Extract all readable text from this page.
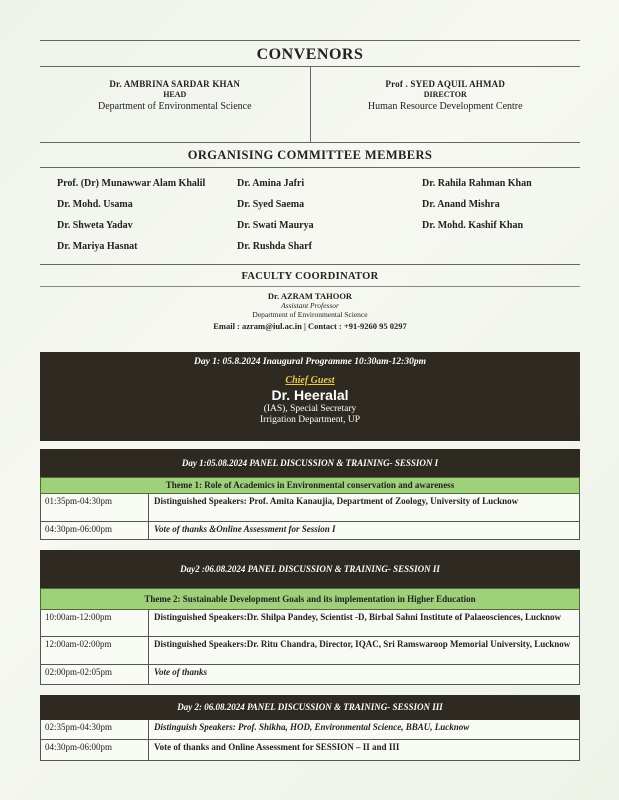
CONVENORS
Dr. AMBRINA SARDAR KHAN
HEAD
Department of Environmental Science
Prof . SYED AQUIL AHMAD
DIRECTOR
Human Resource Development Centre
ORGANISING COMMITTEE MEMBERS
Prof. (Dr) Munawwar Alam Khalil	Dr. Amina Jafri	Dr. Rahila Rahman Khan
Dr. Mohd. Usama	Dr. Syed Saema	Dr. Anand Mishra
Dr. Shweta Yadav	Dr. Swati Maurya	Dr. Mohd. Kashif Khan
Dr. Mariya Hasnat	Dr. Rushda Sharf
FACULTY COORDINATOR
Dr. AZRAM TAHOOR
Assistant Professor
Department of Environmental Science
Email : azram@iul.ac.in | Contact : +91-9260 95 0297
Day 1: 05.8.2024 Inaugural Programme 10:30am-12:30pm
Chief Guest
Dr. Heeralal
(IAS), Special Secretary
Irrigation Department, UP
Day 1:05.08.2024 PANEL DISCUSSION & TRAINING- SESSION I
Theme 1: Role of Academics in Environmental conservation and awareness
01:35pm-04:30pm	Distinguished Speakers: Prof. Amita Kanaujia, Department of Zoology, University of Lucknow
04:30pm-06:00pm	Vote of thanks &Online Assessment for Session I
Day2 :06.08.2024 PANEL DISCUSSION & TRAINING- SESSION II
Theme 2: Sustainable Development Goals and its implementation in Higher Education
10:00am-12:00pm	Distinguished Speakers:Dr. Shilpa Pandey, Scientist -D, Birbal Sahni Institute of Palaeosciences, Lucknow
12:00am-02:00pm	Distinguished Speakers:Dr. Ritu Chandra, Director, IQAC, Sri Ramswaroop Memorial University, Lucknow
02:00pm-02:05pm	Vote of thanks
Day 2: 06.08.2024 PANEL DISCUSSION & TRAINING- SESSION III
02:35pm-04:30pm	Distinguish Speakers: Prof. Shikha, HOD, Environmental Science, BBAU, Lucknow
04:30pm-06:00pm	Vote of thanks and Online Assessment for SESSION – II and III
